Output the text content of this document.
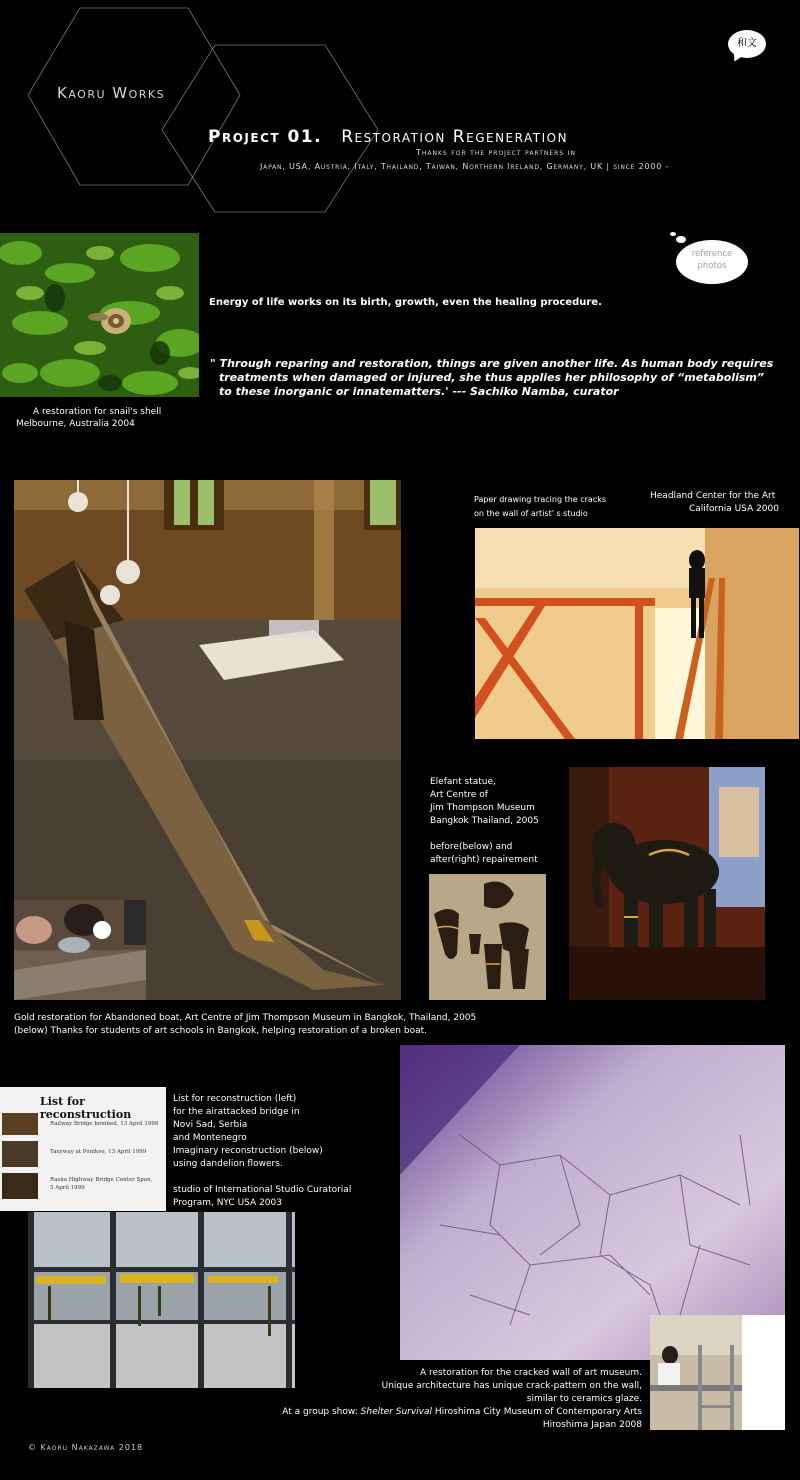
Kaoru Works
Project 01. Restoration Regeneration
Thanks for the project partners in
Japan, USA, Austria, Italy, Thailand, Taiwan, Northern Ireland, Germany, UK | since 2000 -
和文
A restoration for snail's shell
Melbourne, Australia 2004
reference
photos
Energy of life works on its birth, growth, even the healing procedure.
" Through reparing and restoration, things are given another life. As human body requires
treatments when damaged or injured, she thus applies her philosophy of “metabolism”
to these inorganic or innatematters.' --- Sachiko Namba, curator
Gold restoration for Abandoned boat, Art Centre of Jim Thompson Museum in Bangkok, Thailand, 2005
(below) Thanks for students of art schools in Bangkok, helping restoration of a broken boat.
Paper drawing tracing the cracks
on the wall of artist' s studio
Headland Center for the Art
California USA 2000
Elefant statue,
Art Centre of
Jim Thompson Museum
Bangkok Thailand, 2005
before(below) and
after(right) repairement
List for reconstruction
Railway Bridge bombed, 13 April 1999
Taxyway at Ponikve, 13 April 1999
Raska Highway Bridge Center Span,
5 April 1999
List for reconstruction (left)
for the airattacked bridge in
Novi Sad, Serbia
and Montenegro
Imaginary reconstruction (below)
using dandelion flowers.
studio of International Studio Curatorial
Program, NYC USA 2003
A restoration for the cracked wall of art museum.
Unique architecture has unique crack-pattern on the wall,
similar to ceramics glaze.
At a group show: Shelter Survival Hiroshima City Museum of Contemporary Arts
Hiroshima Japan 2008
© Kaoru Nakazawa 2018
